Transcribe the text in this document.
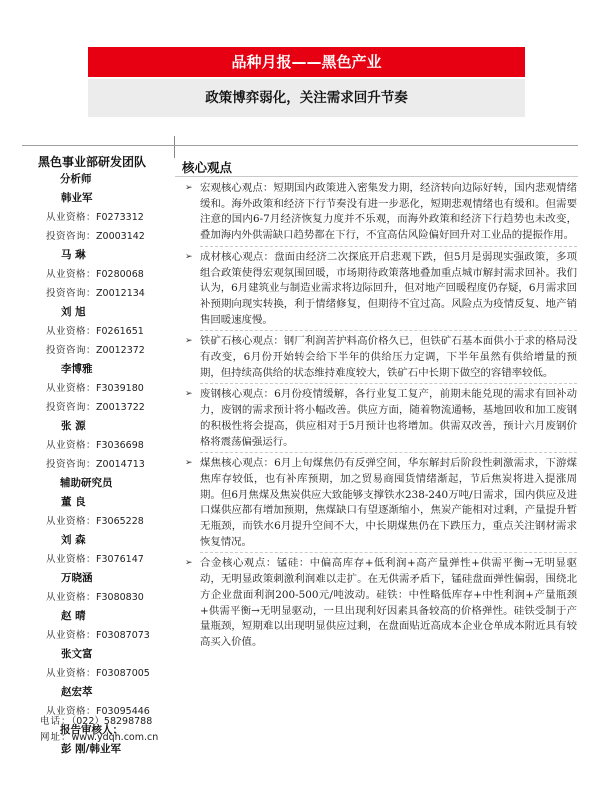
品种月报——黑色产业
政策博弈弱化，关注需求回升节奏
黑色事业部研发团队	核心观点
分析师
韩业军
从业资格：F0273312
投资咨询：Z0003142
马 琳
从业资格：F0280068
投资咨询：Z0012134
刘 旭
从业资格：F0261651
投资咨询：Z0012372
李博雅
从业资格：F3039180
投资咨询：Z0013722
张 源
从业资格：F3036698
投资咨询：Z0014713
辅助研究员
董 良
从业资格：F3065228
刘 森
从业资格：F3076147
万晓涵
从业资格：F3080830
赵 晴
从业资格：F03087073
张文富
从业资格：F03087005
赵宏萃
从业资格：F03095446
报告审核人：
彭 刚/韩业军
电话：（022）58298788
网址：www.ydqh.com.cn
➢ 宏观核心观点：短期国内政策进入密集发力期，经济转向边际好转，国内悲观情绪缓和。海外政策和经济下行节奏没有进一步恶化，短期悲观情绪也有缓和。但需要注意的国内6-7月经济恢复力度并不乐观，而海外政策和经济下行趋势也未改变，叠加海内外供需缺口趋势都在下行，不宜高估风险偏好回升对工业品的提振作用。
➢ 成材核心观点：盘面由经济二次探底开启悲观下跌，但5月是弱现实强政策，多项组合政策使得宏观氛围回暖，市场期待政策落地叠加重点城市解封需求回补。我们认为，6月建筑业与制造业需求将边际回升，但对地产回暖程度仍存疑，6月需求回补预期向现实转换，利于情绪修复，但期待不宜过高。风险点为疫情反复、地产销售回暖速度慢。
➢ 铁矿石核心观点：钢厂利润苦护料高价格久已，但铁矿石基本面供小于求的格局没有改变，6月份开始转会给下半年的供给压力定调，下半年虽然有供给增量的预期，但持续高供给的状态维持难度较大，铁矿石中长期下做空的容错率较低。
➢ 废钢核心观点：6月份疫情缓解，各行业复工复产，前期未能兑现的需求有回补动力，废钢的需求预计将小幅改善。供应方面，随着物流通畅，基地回收和加工废钢的积极性将会提高，供应相对于5月预计也将增加。供需双改善，预计六月废钢价格将震荡偏强运行。
➢ 煤焦核心观点：6月上旬煤焦仍有反弹空间，华东解封后阶段性刺激需求，下游煤焦库存较低，也有补库预期，加之贸易商囤货情绪渐起，节后焦炭将进入提涨周期。但6月焦煤及焦炭供应大致能够支撑铁水238-240万吨/日需求，国内供应及进口煤供应都有增加预期，焦煤缺口有望逐渐缩小，焦炭产能相对过剩，产量提升暂无瓶颈，而铁水6月提升空间不大，中长期煤焦仍在下跌压力，重点关注钢材需求恢复情况。
➢ 合金核心观点：锰硅：中偏高库存+低利润+高产量弹性+供需平衡→无明显驱动，无明显政策刺激利润难以走扩。在无供需矛盾下，锰硅盘面弹性偏弱，围绕北方企业盘面利润200-500元/吨波动。硅铁：中性略低库存+中性利润+产量瓶颈+供需平衡→无明显驱动，一旦出现利好因素具备较高的价格弹性。硅铁受制于产量瓶颈，短期难以出现明显供应过剩，在盘面贴近高成本企业仓单成本附近具有较高买入价值。
